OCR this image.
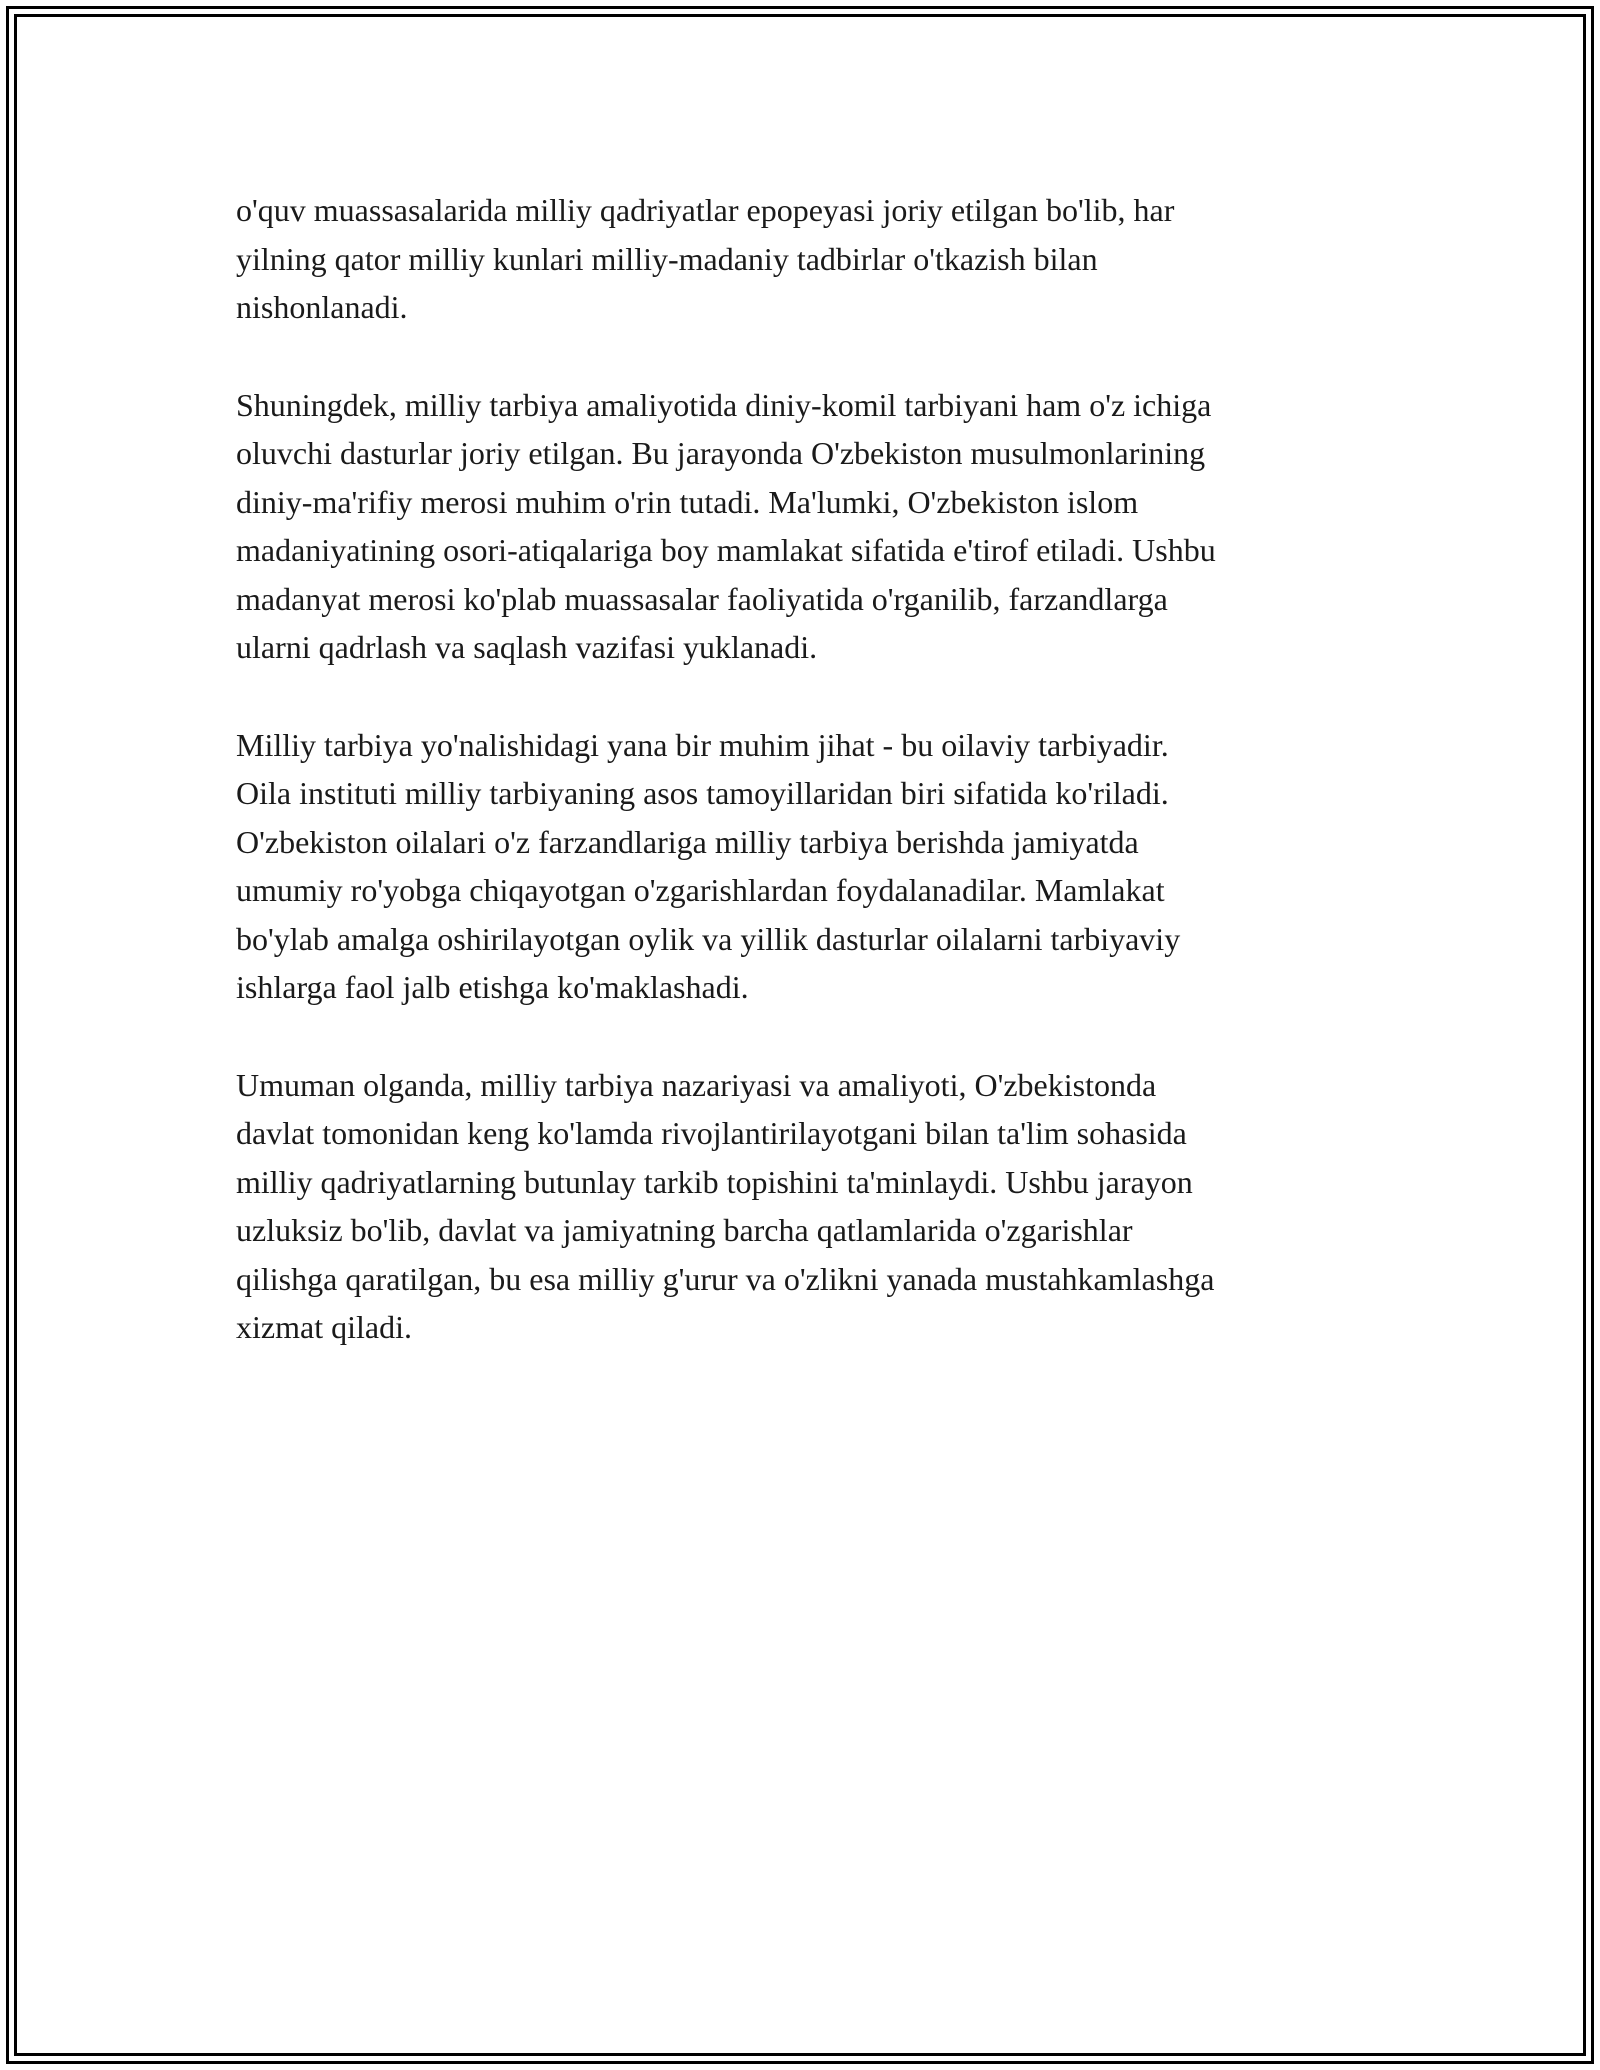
o'quv muassasalarida milliy qadriyatlar epopeyasi joriy etilgan bo'lib, har
yilning qator milliy kunlari milliy-madaniy tadbirlar o'tkazish bilan
nishonlanadi.

Shuningdek, milliy tarbiya amaliyotida diniy-komil tarbiyani ham o'z ichiga
oluvchi dasturlar joriy etilgan. Bu jarayonda O'zbekiston musulmonlarining
diniy-ma'rifiy merosi muhim o'rin tutadi. Ma'lumki, O'zbekiston islom
madaniyatining osori-atiqalariga boy mamlakat sifatida e'tirof etiladi. Ushbu
madanyat merosi ko'plab muassasalar faoliyatida o'rganilib, farzandlarga
ularni qadrlash va saqlash vazifasi yuklanadi.

Milliy tarbiya yo'nalishidagi yana bir muhim jihat - bu oilaviy tarbiyadir.
Oila instituti milliy tarbiyaning asos tamoyillaridan biri sifatida ko'riladi.
O'zbekiston oilalari o'z farzandlariga milliy tarbiya berishda jamiyatda
umumiy ro'yobga chiqayotgan o'zgarishlardan foydalanadilar. Mamlakat
bo'ylab amalga oshirilayotgan oylik va yillik dasturlar oilalarni tarbiyaviy
ishlarga faol jalb etishga ko'maklashadi.

Umuman olganda, milliy tarbiya nazariyasi va amaliyoti, O'zbekistonda
davlat tomonidan keng ko'lamda rivojlantirilayotgani bilan ta'lim sohasida
milliy qadriyatlarning butunlay tarkib topishini ta'minlaydi. Ushbu jarayon
uzluksiz bo'lib, davlat va jamiyatning barcha qatlamlarida o'zgarishlar
qilishga qaratilgan, bu esa milliy g'urur va o'zlikni yanada mustahkamlashga
xizmat qiladi.
